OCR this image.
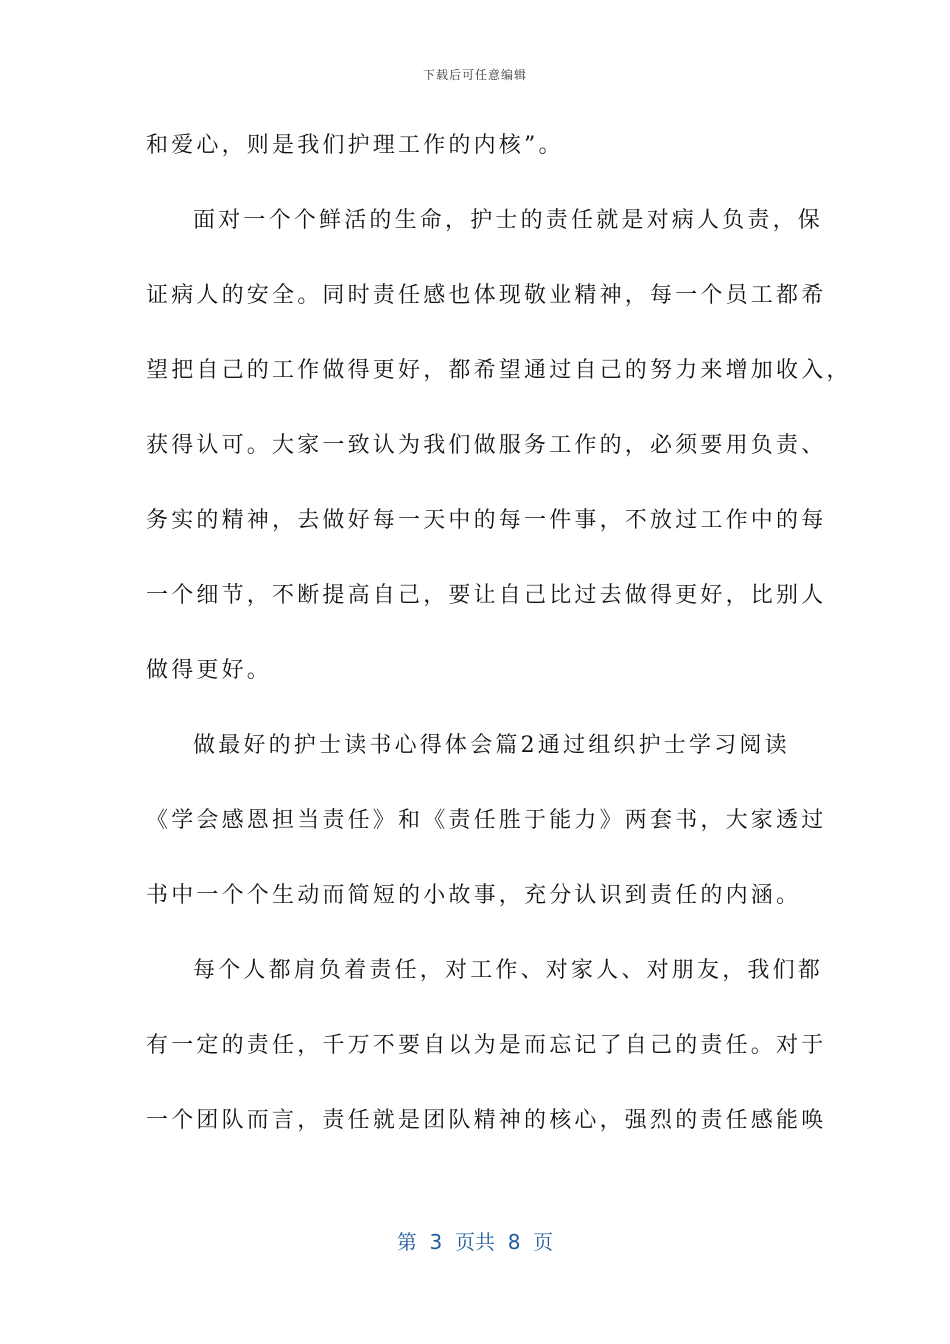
下载后可任意编辑
和爱心，则是我们护理工作的内核”。
面对一个个鲜活的生命，护士的责任就是对病人负责，保
证病人的安全。同时责任感也体现敬业精神，每一个员工都希
望把自己的工作做得更好，都希望通过自己的努力来增加收入，
获得认可。大家一致认为我们做服务工作的，必须要用负责、
务实的精神，去做好每一天中的每一件事，不放过工作中的每
一个细节，不断提高自己，要让自己比过去做得更好，比别人
做得更好。
做最好的护士读书心得体会篇2通过组织护士学习阅读
《学会感恩担当责任》和《责任胜于能力》两套书，大家透过
书中一个个生动而简短的小故事，充分认识到责任的内涵。
每个人都肩负着责任，对工作、对家人、对朋友，我们都
有一定的责任，千万不要自以为是而忘记了自己的责任。对于
一个团队而言，责任就是团队精神的核心，强烈的责任感能唤
第  3  页共  8  页
